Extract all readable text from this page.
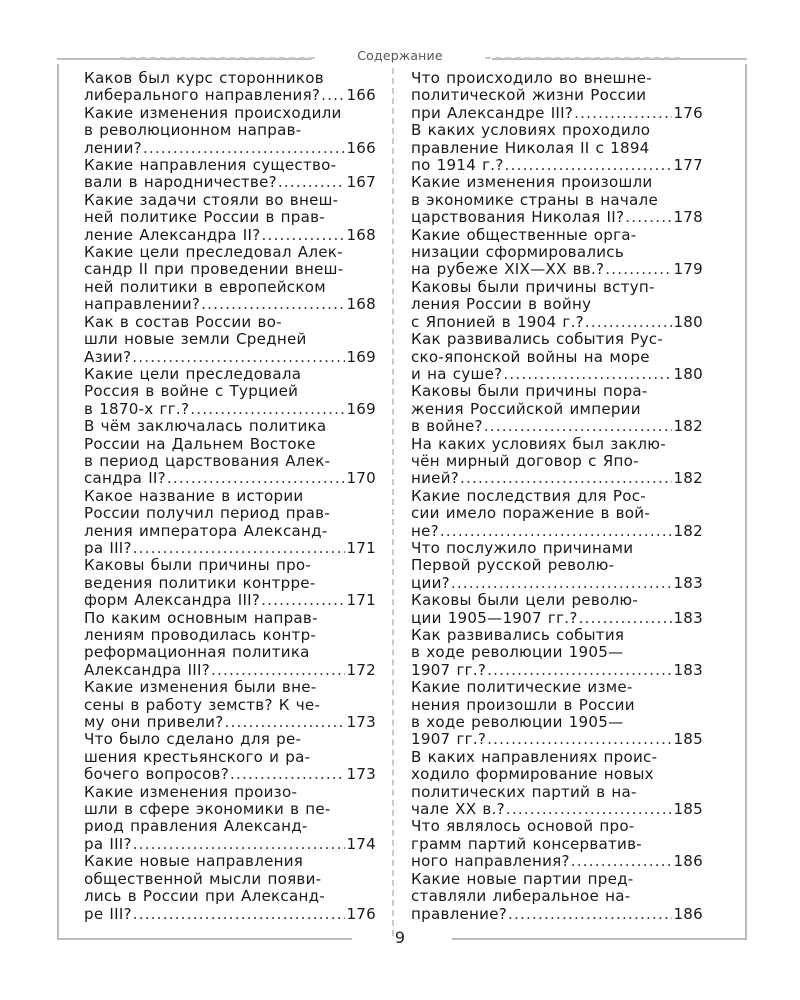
Содержание
Каков был курс сторонников
либерального направления? ..... 166
Какие изменения происходили
в революционном направ-
лении? .....	166
Какие направления существо-
вали в народничестве? .....	167
Какие задачи стояли во внеш-
ней политике России в прав-
ление Александра II? .....	168
Какие цели преследовал Алек-
сандр II при проведении внеш-
ней политики в европейском
направлении? .....	168
Как в состав России во-
шли новые земли Средней
Азии? .....	169
Какие цели преследовала
Россия в войне с Турцией
в 1870-х гг.? .....	169
В чём заключалась политика
России на Дальнем Востоке
в период царствования Алек-
сандра II? .....	170
Какое название в истории
России получил период прав-
ления императора Александ-
ра III? .....	171
Каковы были причины про-
ведения политики контрре-
форм Александра III? .....	171
По каким основным направ-
лениям проводилась контр-
реформационная политика
Александра III? .....	172
Какие изменения были вне-
сены в работу земств? К че-
му они привели? .....	173
Что было сделано для ре-
шения крестьянского и ра-
бочего вопросов? .....	173
Какие изменения произо-
шли в сфере экономики в пе-
риод правления Александ-
ра III? .....	174
Какие новые направления
общественной мысли появи-
лись в России при Александ-
ре III? .....	176
Что происходило во внешне-
политической жизни России
при Александре III? .....	176
В каких условиях проходило
правление Николая II с 1894
по 1914 г.? .....	177
Какие изменения произошли
в экономике страны в начале
царствования Николая II? .....	178
Какие общественные орга-
низации сформировались
на рубеже XIX—XX вв.? .....	179
Каковы были причины вступ-
ления России в войну
с Японией в 1904 г.? .....	180
Как развивались события Рус-
ско-японской войны на море
и на суше? .....	180
Каковы были причины пора-
жения Российской империи
в войне? .....	182
На каких условиях был заклю-
чён мирный договор с Япо-
нией? .....	182
Какие последствия для Рос-
сии имело поражение в вой-
не? .....	182
Что послужило причинами
Первой русской револю-
ции? .....	183
Каковы были цели револю-
ции 1905—1907 гг.? .....	183
Как развивались события
в ходе революции 1905—
1907 гг.? .....	183
Какие политические изме-
нения произошли в России
в ходе революции 1905—
1907 гг.? .....	185
В каких направлениях проис-
ходило формирование новых
политических партий в на-
чале XX в.? .....	185
Что являлось основой про-
грамм партий консерватив-
ного направления? .....	186
Какие новые партии пред-
ставляли либеральное на-
правление? .....	186
9
